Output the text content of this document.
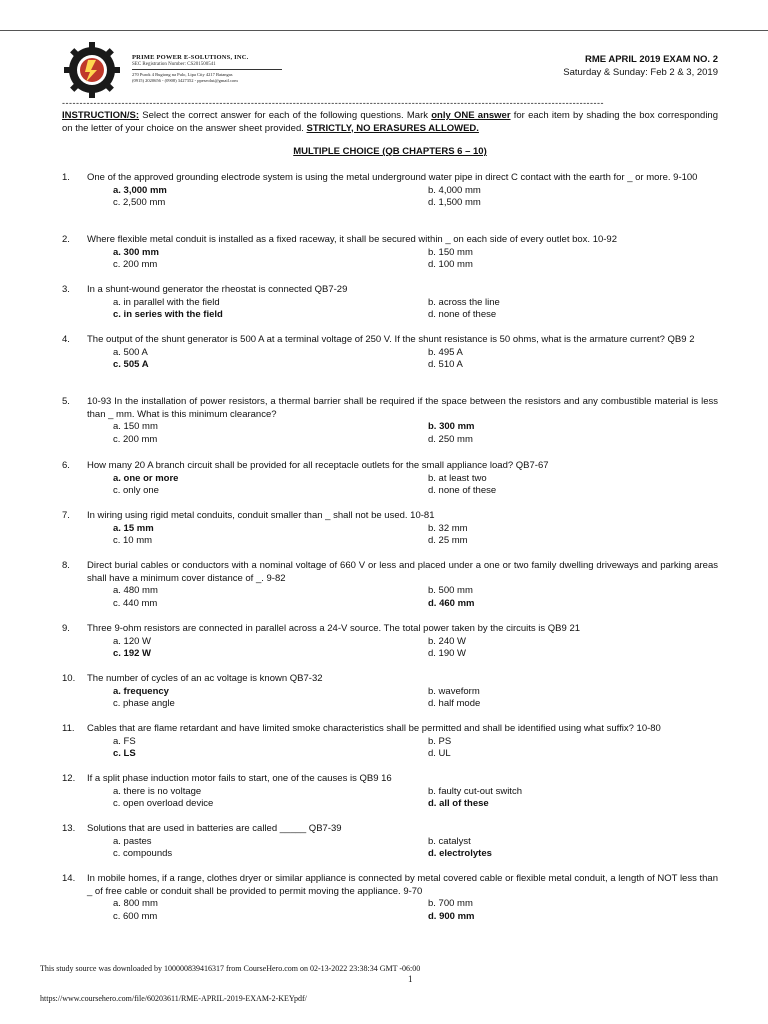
PRIME POWER E-SOLUTIONS, INC.
SEC Registration Number: CS201500541
270 Purok 4 Bugtong na Pulo, Lipa City 4217 Batangas
(0915) 2020656 - (0908) 3427352 - ppeseolut@gmail.com
RME APRIL 2019 EXAM NO. 2
Saturday & Sunday: Feb 2 & 3, 2019
-----------------------------------------------------------------------------------------------------------------------------------------------------------
INSTRUCTION/S: Select the correct answer for each of the following questions. Mark only ONE answer for each item by shading the box corresponding on the letter of your choice on the answer sheet provided. STRICTLY, NO ERASURES ALLOWED.
MULTIPLE CHOICE (QB CHAPTERS 6 – 10)
1. One of the approved grounding electrode system is using the metal underground water pipe in direct C contact with the earth for _ or more. 9-100
a. 3,000 mm	b. 4,000 mm
c. 2,500 mm	d. 1,500 mm
2. Where flexible metal conduit is installed as a fixed raceway, it shall be secured within _ on each side of every outlet box. 10-92
a. 300 mm	b. 150 mm
c. 200 mm	d. 100 mm
3. In a shunt-wound generator the rheostat is connected QB7-29
a. in parallel with the field	b. across the line
c. in series with the field	d. none of these
4. The output of the shunt generator is 500 A at a terminal voltage of 250 V. If the shunt resistance is 50 ohms, what is the armature current? QB9 2
a. 500 A	b. 495 A
c. 505 A	d. 510 A
5. 10-93 In the installation of power resistors, a thermal barrier shall be required if the space between the resistors and any combustible material is less than _ mm. What is this minimum clearance?
a. 150 mm	b. 300 mm
c. 200 mm	d. 250 mm
6. How many 20 A branch circuit shall be provided for all receptacle outlets for the small appliance load? QB7-67
a. one or more	b. at least two
c. only one	d. none of these
7. In wiring using rigid metal conduits, conduit smaller than _ shall not be used. 10-81
a. 15 mm	b. 32 mm
c. 10 mm	d. 25 mm
8. Direct burial cables or conductors with a nominal voltage of 660 V or less and placed under a one or two family dwelling driveways and parking areas shall have a minimum cover distance of _. 9-82
a. 480 mm	b. 500 mm
c. 440 mm	d. 460 mm
9. Three 9-ohm resistors are connected in parallel across a 24-V source. The total power taken by the circuits is QB9 21
a. 120 W	b. 240 W
c. 192 W	d. 190 W
10. The number of cycles of an ac voltage is known QB7-32
a. frequency	b. waveform
c. phase angle	d. half mode
11. Cables that are flame retardant and have limited smoke characteristics shall be permitted and shall be identified using what suffix? 10-80
a. FS	b. PS
c. LS	d. UL
12. If a split phase induction motor fails to start, one of the causes is QB9 16
a. there is no voltage	b. faulty cut-out switch
c. open overload device	d. all of these
13. Solutions that are used in batteries are called _____ QB7-39
a. pastes	b. catalyst
c. compounds	d. electrolytes
14. In mobile homes, if a range, clothes dryer or similar appliance is connected by metal covered cable or flexible metal conduit, a length of NOT less than _ of free cable or conduit shall be provided to permit moving the appliance. 9-70
a. 800 mm	b. 700 mm
c. 600 mm	d. 900 mm
This study source was downloaded by 100000839416317 from CourseHero.com on 02-13-2022 23:38:34 GMT -06:00
1
https://www.coursehero.com/file/60203611/RME-APRIL-2019-EXAM-2-KEYpdf/
